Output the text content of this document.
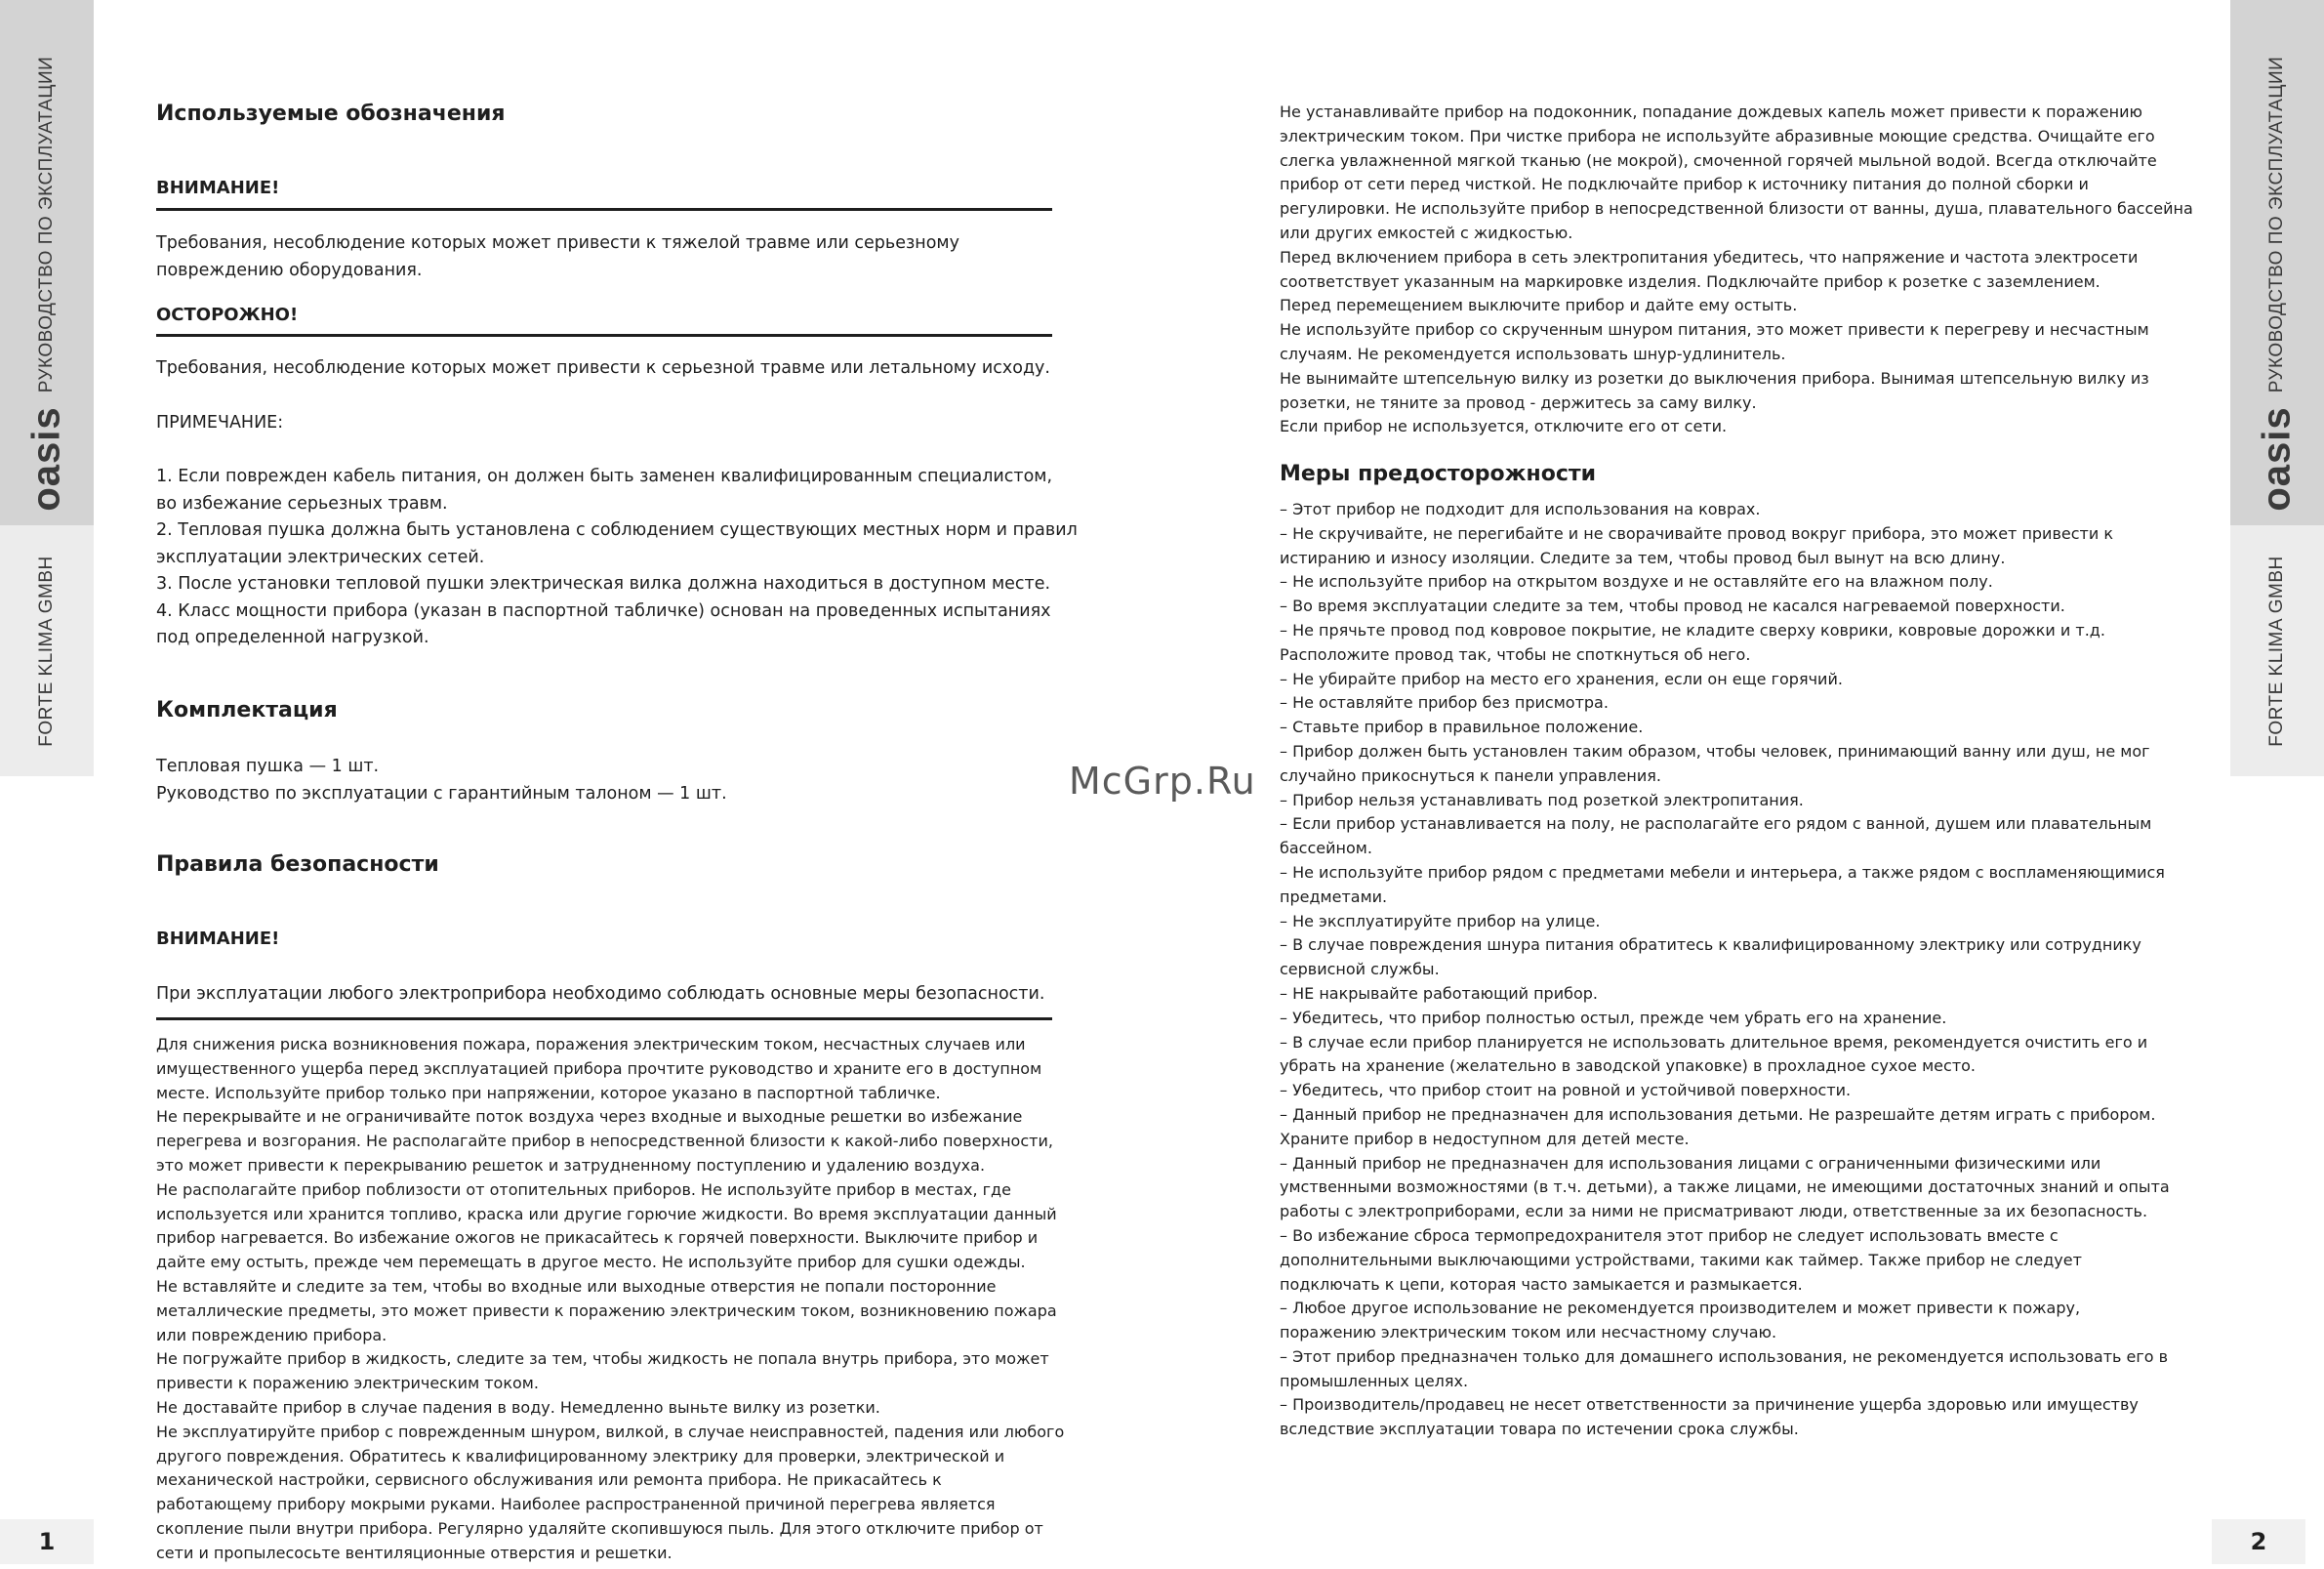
РУКОВОДСТВО ПО ЭКСПЛУАТАЦИИ
oasis
FORTE KLIMA GMBH
РУКОВОДСТВО ПО ЭКСПЛУАТАЦИИ
oasis
FORTE KLIMA GMBH
1	2
Используемые обозначения
ВНИМАНИЕ!
Требования, несоблюдение которых может привести к тяжелой травме или серьезному
повреждению оборудования.
ОСТОРОЖНО!
Требования, несоблюдение которых может привести к серьезной травме или летальному исходу.
ПРИМЕЧАНИЕ:
1. Если поврежден кабель питания, он должен быть заменен квалифицированным специалистом,
во избежание серьезных травм.
2. Тепловая пушка должна быть установлена с соблюдением существующих местных норм и правил
эксплуатации электрических сетей.
3. После установки тепловой пушки электрическая вилка должна находиться в доступном месте.
4. Класс мощности прибора (указан в паспортной табличке) основан на проведенных испытаниях
под определенной нагрузкой.
Комплектация
Тепловая пушка — 1 шт.
Руководство по эксплуатации с гарантийным талоном — 1 шт.
Правила безопасности
ВНИМАНИЕ!
При эксплуатации любого электроприбора необходимо соблюдать основные меры безопасности.
Для снижения риска возникновения пожара, поражения электрическим током, несчастных случаев или
имущественного ущерба перед эксплуатацией прибора прочтите руководство и храните его в доступном
месте. Используйте прибор только при напряжении, которое указано в паспортной табличке.
Не перекрывайте и не ограничивайте поток воздуха через входные и выходные решетки во избежание
перегрева и возгорания. Не располагайте прибор в непосредственной близости к какой-либо поверхности,
это может привести к перекрыванию решеток и затрудненному поступлению и удалению воздуха.
Не располагайте прибор поблизости от отопительных приборов. Не используйте прибор в местах, где
используется или хранится топливо, краска или другие горючие жидкости. Во время эксплуатации данный
прибор нагревается. Во избежание ожогов не прикасайтесь к горячей поверхности. Выключите прибор и
дайте ему остыть, прежде чем перемещать в другое место. Не используйте прибор для сушки одежды.
Не вставляйте и следите за тем, чтобы во входные или выходные отверстия не попали посторонние
металлические предметы, это может привести к поражению электрическим током, возникновению пожара
или повреждению прибора.
Не погружайте прибор в жидкость, следите за тем, чтобы жидкость не попала внутрь прибора, это может
привести к поражению электрическим током.
Не доставайте прибор в случае падения в воду. Немедленно выньте вилку из розетки.
Не эксплуатируйте прибор с поврежденным шнуром, вилкой, в случае неисправностей, падения или любого
другого повреждения. Обратитесь к квалифицированному электрику для проверки, электрической и
механической настройки, сервисного обслуживания или ремонта прибора. Не прикасайтесь к
работающему прибору мокрыми руками. Наиболее распространенной причиной перегрева является
скопление пыли внутри прибора. Регулярно удаляйте скопившуюся пыль. Для этого отключите прибор от
сети и пропылесосьте вентиляционные отверстия и решетки.
McGrp.Ru
Не устанавливайте прибор на подоконник, попадание дождевых капель может привести к поражению
электрическим током. При чистке прибора не используйте абразивные моющие средства. Очищайте его
слегка увлажненной мягкой тканью (не мокрой), смоченной горячей мыльной водой. Всегда отключайте
прибор от сети перед чисткой. Не подключайте прибор к источнику питания до полной сборки и
регулировки. Не используйте прибор в непосредственной близости от ванны, душа, плавательного бассейна
или других емкостей с жидкостью.
Перед включением прибора в сеть электропитания убедитесь, что напряжение и частота электросети
соответствует указанным на маркировке изделия. Подключайте прибор к розетке с заземлением.
Перед перемещением выключите прибор и дайте ему остыть.
Не используйте прибор со скрученным шнуром питания, это может привести к перегреву и несчастным
случаям. Не рекомендуется использовать шнур-удлинитель.
Не вынимайте штепсельную вилку из розетки до выключения прибора. Вынимая штепсельную вилку из
розетки, не тяните за провод - держитесь за саму вилку.
Если прибор не используется, отключите его от сети.
Меры предосторожности
– Этот прибор не подходит для использования на коврах.
– Не скручивайте, не перегибайте и не сворачивайте провод вокруг прибора, это может привести к
истиранию и износу изоляции. Следите за тем, чтобы провод был вынут на всю длину.
– Не используйте прибор на открытом воздухе и не оставляйте его на влажном полу.
– Во время эксплуатации следите за тем, чтобы провод не касался нагреваемой поверхности.
– Не прячьте провод под ковровое покрытие, не кладите сверху коврики, ковровые дорожки и т.д.
Расположите провод так, чтобы не споткнуться об него.
– Не убирайте прибор на место его хранения, если он еще горячий.
– Не оставляйте прибор без присмотра.
– Ставьте прибор в правильное положение.
– Прибор должен быть установлен таким образом, чтобы человек, принимающий ванну или душ, не мог
случайно прикоснуться к панели управления.
– Прибор нельзя устанавливать под розеткой электропитания.
– Если прибор устанавливается на полу, не располагайте его рядом с ванной, душем или плавательным
бассейном.
– Не используйте прибор рядом с предметами мебели и интерьера, а также рядом с воспламеняющимися
предметами.
– Не эксплуатируйте прибор на улице.
– В случае повреждения шнура питания обратитесь к квалифицированному электрику или сотруднику
сервисной службы.
– НЕ накрывайте работающий прибор.
– Убедитесь, что прибор полностью остыл, прежде чем убрать его на хранение.
– В случае если прибор планируется не использовать длительное время, рекомендуется очистить его и
убрать на хранение (желательно в заводской упаковке) в прохладное сухое место.
– Убедитесь, что прибор стоит на ровной и устойчивой поверхности.
– Данный прибор не предназначен для использования детьми. Не разрешайте детям играть с прибором.
Храните прибор в недоступном для детей месте.
– Данный прибор не предназначен для использования лицами с ограниченными физическими или
умственными возможностями (в т.ч. детьми), а также лицами, не имеющими достаточных знаний и опыта
работы с электроприборами, если за ними не присматривают люди, ответственные за их безопасность.
– Во избежание сброса термопредохранителя этот прибор не следует использовать вместе с
дополнительными выключающими устройствами, такими как таймер. Также прибор не следует
подключать к цепи, которая часто замыкается и размыкается.
– Любое другое использование не рекомендуется производителем и может привести к пожару,
поражению электрическим током или несчастному случаю.
– Этот прибор предназначен только для домашнего использования, не рекомендуется использовать его в
промышленных целях.
– Производитель/продавец не несет ответственности за причинение ущерба здоровью или имуществу
вследствие эксплуатации товара по истечении срока службы.
